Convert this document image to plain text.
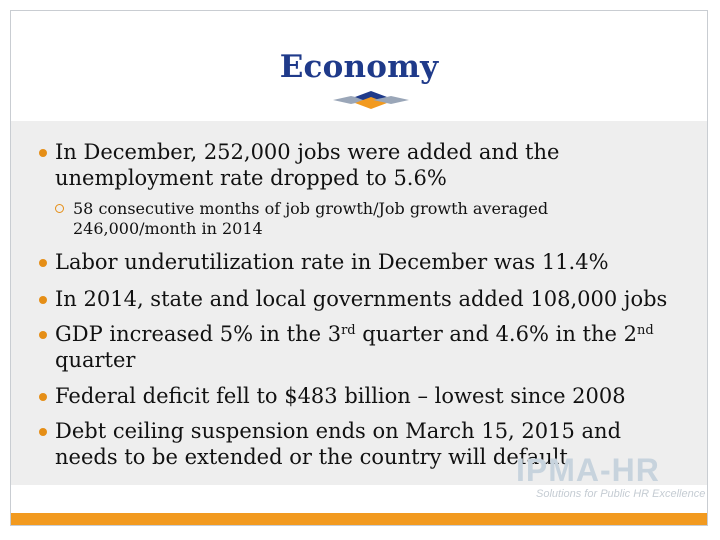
Economy
In December, 252,000 jobs were added and the unemployment rate dropped to 5.6%
58 consecutive months of job growth/Job growth averaged 246,000/month in 2014
Labor underutilization rate in December was 11.4%
In 2014, state and local governments added 108,000 jobs
GDP increased 5% in the 3rd quarter and 4.6% in the 2nd quarter
Federal deficit fell to $483 billion – lowest since 2008
Debt ceiling suspension ends on March 15, 2015 and needs to be extended or the country will default
IPMA-HR
Solutions for Public HR Excellence
